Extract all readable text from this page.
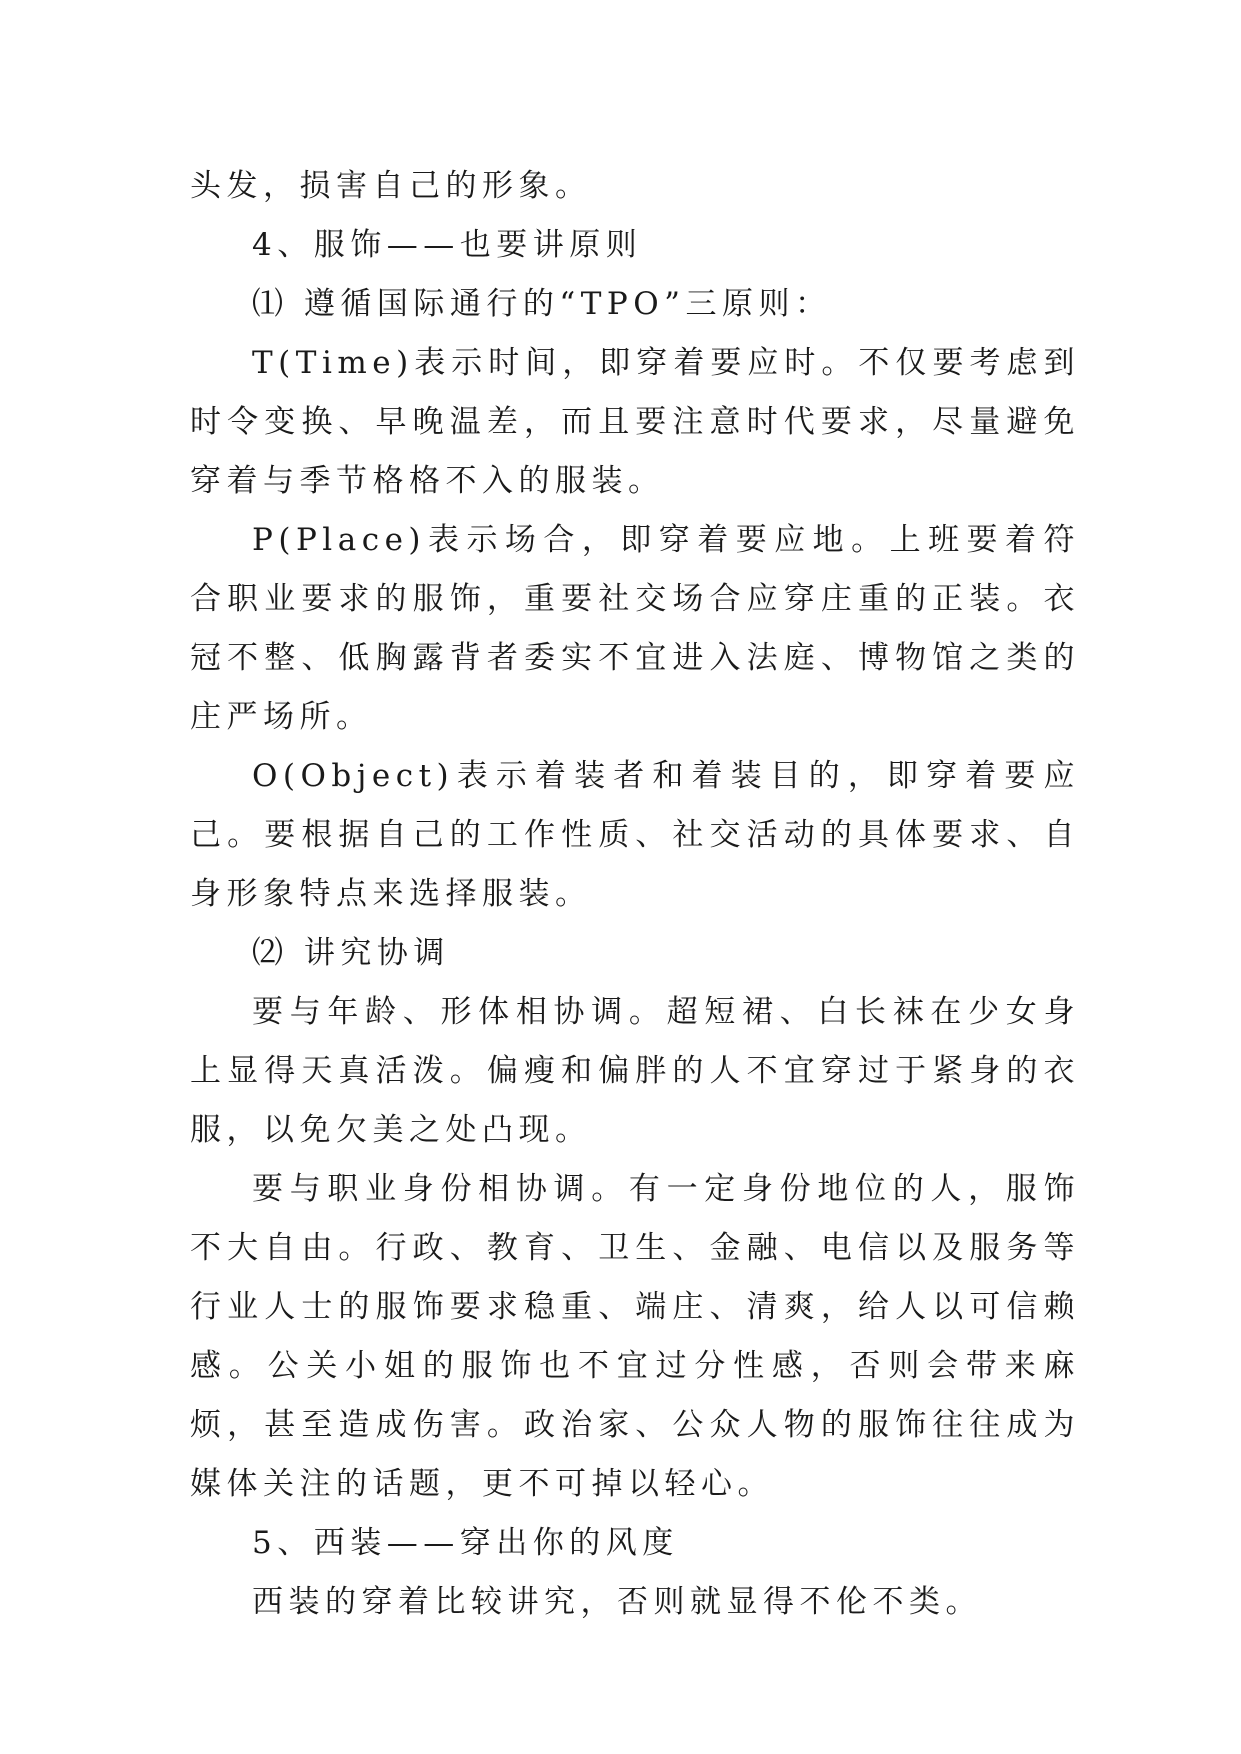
头发，损害自己的形象。

4、服饰——也要讲原则

⑴ 遵循国际通行的“TPO”三原则：

T(Time)表示时间，即穿着要应时。不仅要考虑到时令变换、早晚温差，而且要注意时代要求，尽量避免穿着与季节格格不入的服装。

P(Place)表示场合，即穿着要应地。上班要着符合职业要求的服饰，重要社交场合应穿庄重的正装。衣冠不整、低胸露背者委实不宜进入法庭、博物馆之类的庄严场所。

O(Object)表示着装者和着装目的，即穿着要应己。要根据自己的工作性质、社交活动的具体要求、自身形象特点来选择服装。

⑵ 讲究协调

要与年龄、形体相协调。超短裙、白长袜在少女身上显得天真活泼。偏瘦和偏胖的人不宜穿过于紧身的衣服，以免欠美之处凸现。

要与职业身份相协调。有一定身份地位的人，服饰不大自由。行政、教育、卫生、金融、电信以及服务等行业人士的服饰要求稳重、端庄、清爽，给人以可信赖感。公关小姐的服饰也不宜过分性感，否则会带来麻烦，甚至造成伤害。政治家、公众人物的服饰往往成为媒体关注的话题，更不可掉以轻心。

5、西装——穿出你的风度

西装的穿着比较讲究，否则就显得不伦不类。
